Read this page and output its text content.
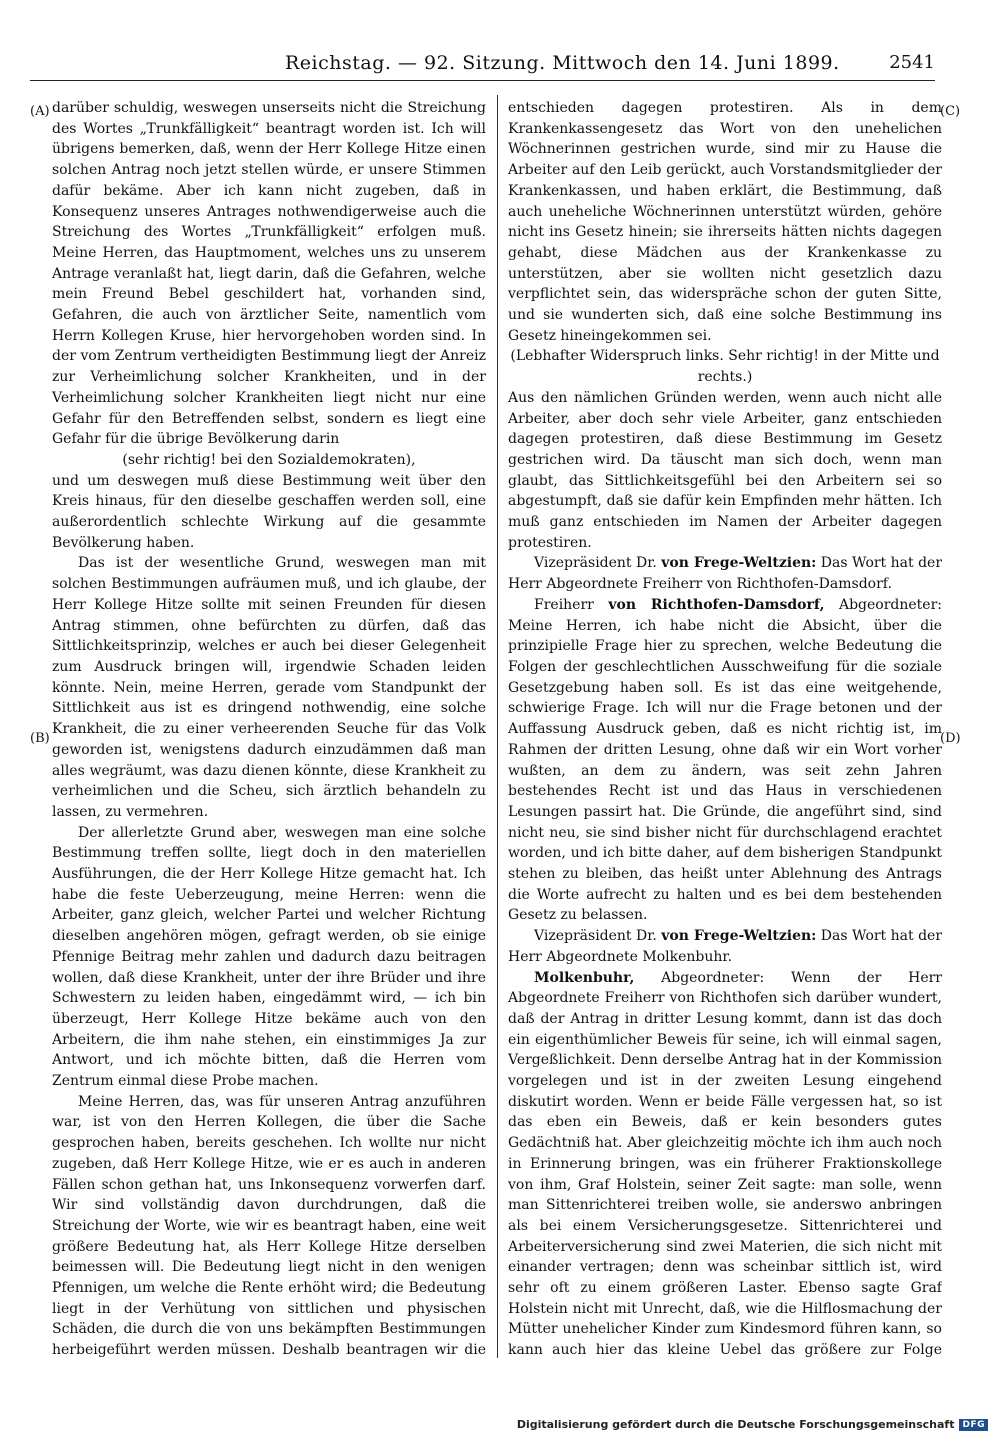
Reichstag. — 92. Sitzung. Mittwoch den 14. Juni 1899.	2541
(A)
(B)
(C)
(D)

darüber schuldig, weswegen unserseits nicht die Streichung des Wortes „Trunkfälligkeit“ beantragt worden ist. Ich will übrigens bemerken, daß, wenn der Herr Kollege Hitze einen solchen Antrag noch jetzt stellen würde, er unsere Stimmen dafür bekäme. Aber ich kann nicht zugeben, daß in Konsequenz unseres Antrages nothwendigerweise auch die Streichung des Wortes „Trunkfälligkeit“ erfolgen muß. Meine Herren, das Hauptmoment, welches uns zu unserem Antrage veranlaßt hat, liegt darin, daß die Gefahren, welche mein Freund Bebel geschildert hat, vorhanden sind, Gefahren, die auch von ärztlicher Seite, namentlich vom Herrn Kollegen Kruse, hier hervorgehoben worden sind. In der vom Zentrum vertheidigten Bestimmung liegt der Anreiz zur Verheimlichung solcher Krankheiten, und in der Verheimlichung solcher Krankheiten liegt nicht nur eine Gefahr für den Betreffenden selbst, sondern es liegt eine Gefahr für die übrige Bevölkerung darin

(sehr richtig! bei den Sozialdemokraten),

und um deswegen muß diese Bestimmung weit über den Kreis hinaus, für den dieselbe geschaffen werden soll, eine außerordentlich schlechte Wirkung auf die gesammte Bevölkerung haben.

Das ist der wesentliche Grund, weswegen man mit solchen Bestimmungen aufräumen muß, und ich glaube, der Herr Kollege Hitze sollte mit seinen Freunden für diesen Antrag stimmen, ohne befürchten zu dürfen, daß das Sittlichkeitsprinzip, welches er auch bei dieser Gelegenheit zum Ausdruck bringen will, irgendwie Schaden leiden könnte. Nein, meine Herren, gerade vom Standpunkt der Sittlichkeit aus ist es dringend nothwendig, eine solche Krankheit, die zu einer verheerenden Seuche für das Volk geworden ist, wenigstens dadurch einzudämmen daß man alles wegräumt, was dazu dienen könnte, diese Krankheit zu verheimlichen und die Scheu, sich ärztlich behandeln zu lassen, zu vermehren.

Der allerletzte Grund aber, weswegen man eine solche Bestimmung treffen sollte, liegt doch in den materiellen Ausführungen, die der Herr Kollege Hitze gemacht hat. Ich habe die feste Ueberzeugung, meine Herren: wenn die Arbeiter, ganz gleich, welcher Partei und welcher Richtung dieselben angehören mögen, gefragt werden, ob sie einige Pfennige Beitrag mehr zahlen und dadurch dazu beitragen wollen, daß diese Krankheit, unter der ihre Brüder und ihre Schwestern zu leiden haben, eingedämmt wird, — ich bin überzeugt, Herr Kollege Hitze bekäme auch von den Arbeitern, die ihm nahe stehen, ein einstimmiges Ja zur Antwort, und ich möchte bitten, daß die Herren vom Zentrum einmal diese Probe machen.

Meine Herren, das, was für unseren Antrag anzuführen war, ist von den Herren Kollegen, die über die Sache gesprochen haben, bereits geschehen. Ich wollte nur nicht zugeben, daß Herr Kollege Hitze, wie er es auch in anderen Fällen schon gethan hat, uns Inkonsequenz vorwerfen darf. Wir sind vollständig davon durchdrungen, daß die Streichung der Worte, wie wir es beantragt haben, eine weit größere Bedeutung hat, als Herr Kollege Hitze derselben beimessen will. Die Bedeutung liegt nicht in den wenigen Pfennigen, um welche die Rente erhöht wird; die Bedeutung liegt in der Verhütung von sittlichen und physischen Schäden, die durch die von uns bekämpften Bestimmungen herbeigeführt werden müssen. Deshalb beantragen wir die

entschieden dagegen protestiren. Als in dem Krankenkassengesetz das Wort von den unehelichen Wöchnerinnen gestrichen wurde, sind mir zu Hause die Arbeiter auf den Leib gerückt, auch Vorstandsmitglieder der Krankenkassen, und haben erklärt, die Bestimmung, daß auch uneheliche Wöchnerinnen unterstützt würden, gehöre nicht ins Gesetz hinein; sie ihrerseits hätten nichts dagegen gehabt, diese Mädchen aus der Krankenkasse zu unterstützen, aber sie wollten nicht gesetzlich dazu verpflichtet sein, das widerspräche schon der guten Sitte, und sie wunderten sich, daß eine solche Bestimmung ins Gesetz hineingekommen sei.

(Lebhafter Widerspruch links. Sehr richtig! in der Mitte und rechts.)

Aus den nämlichen Gründen werden, wenn auch nicht alle Arbeiter, aber doch sehr viele Arbeiter, ganz entschieden dagegen protestiren, daß diese Bestimmung im Gesetz gestrichen wird. Da täuscht man sich doch, wenn man glaubt, das Sittlichkeitsgefühl bei den Arbeitern sei so abgestumpft, daß sie dafür kein Empfinden mehr hätten. Ich muß ganz entschieden im Namen der Arbeiter dagegen protestiren.

Vizepräsident Dr. von Frege-Weltzien: Das Wort hat der Herr Abgeordnete Freiherr von Richthofen-Damsdorf.

Freiherr von Richthofen-Damsdorf, Abgeordneter: Meine Herren, ich habe nicht die Absicht, über die prinzipielle Frage hier zu sprechen, welche Bedeutung die Folgen der geschlechtlichen Ausschweifung für die soziale Gesetzgebung haben soll. Es ist das eine weitgehende, schwierige Frage. Ich will nur die Frage betonen und der Auffassung Ausdruck geben, daß es nicht richtig ist, im Rahmen der dritten Lesung, ohne daß wir ein Wort vorher wußten, an dem zu ändern, was seit zehn Jahren bestehendes Recht ist und das Haus in verschiedenen Lesungen passirt hat. Die Gründe, die angeführt sind, sind nicht neu, sie sind bisher nicht für durchschlagend erachtet worden, und ich bitte daher, auf dem bisherigen Standpunkt stehen zu bleiben, das heißt unter Ablehnung des Antrags die Worte aufrecht zu halten und es bei dem bestehenden Gesetz zu belassen.

Vizepräsident Dr. von Frege-Weltzien: Das Wort hat der Herr Abgeordnete Molkenbuhr.

Molkenbuhr, Abgeordneter: Wenn der Herr Abgeordnete Freiherr von Richthofen sich darüber wundert, daß der Antrag in dritter Lesung kommt, dann ist das doch ein eigenthümlicher Beweis für seine, ich will einmal sagen, Vergeßlichkeit. Denn derselbe Antrag hat in der Kommission vorgelegen und ist in der zweiten Lesung eingehend diskutirt worden. Wenn er beide Fälle vergessen hat, so ist das eben ein Beweis, daß er kein besonders gutes Gedächtniß hat. Aber gleichzeitig möchte ich ihm auch noch in Erinnerung bringen, was ein früherer Fraktionskollege von ihm, Graf Holstein, seiner Zeit sagte: man solle, wenn man Sittenrichterei treiben wolle, sie anderswo anbringen als bei einem Versicherungsgesetze. Sittenrichterei und Arbeiterversicherung sind zwei Materien, die sich nicht mit einander vertragen; denn was scheinbar sittlich ist, wird sehr oft zu einem größeren Laster. Ebenso sagte Graf Holstein nicht mit Unrecht, daß, wie die Hilflosmachung der Mütter unehelicher Kinder zum Kindesmord führen kann, so kann auch hier das kleine Uebel das größere zur Folge

Digitalisierung gefördert durch die Deutsche Forschungsgemeinschaft DFG
